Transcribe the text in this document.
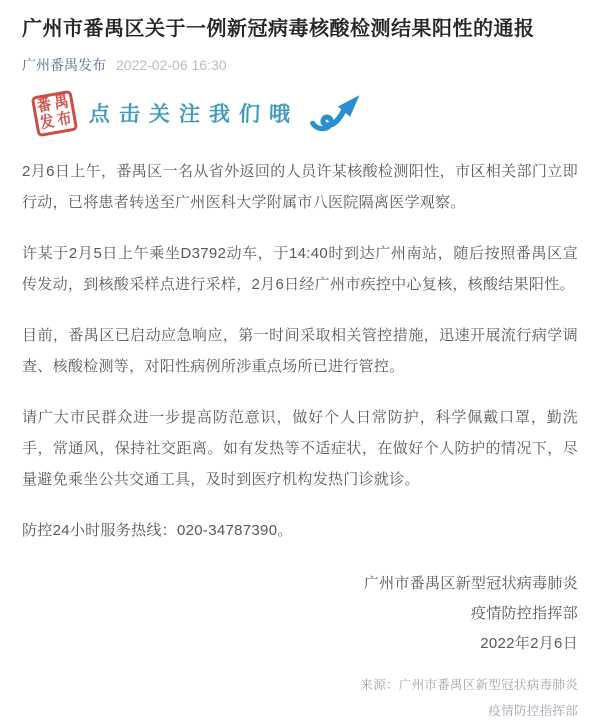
广州市番禺区关于一例新冠病毒核酸检测结果阳性的通报
广州番禺发布 2022-02-06 16:30
番 禺
发 布 点击关注我们哦

2月6日上午，番禺区一名从省外返回的人员许某核酸检测阳性，市区相关部门立即行动，已将患者转送至广州医科大学附属市八医院隔离医学观察。

许某于2月5日上午乘坐D3792动车，于14:40时到达广州南站，随后按照番禺区宣传发动，到核酸采样点进行采样，2月6日经广州市疾控中心复核，核酸结果阳性。

目前，番禺区已启动应急响应，第一时间采取相关管控措施，迅速开展流行病学调查、核酸检测等，对阳性病例所涉重点场所已进行管控。

请广大市民群众进一步提高防范意识，做好个人日常防护，科学佩戴口罩，勤洗手，常通风，保持社交距离。如有发热等不适症状，在做好个人防护的情况下，尽量避免乘坐公共交通工具，及时到医疗机构发热门诊就诊。

防控24小时服务热线：020-34787390。

广州市番禺区新型冠状病毒肺炎
疫情防控指挥部
2022年2月6日
来源：广州市番禺区新型冠状病毒肺炎
疫情防控指挥部
